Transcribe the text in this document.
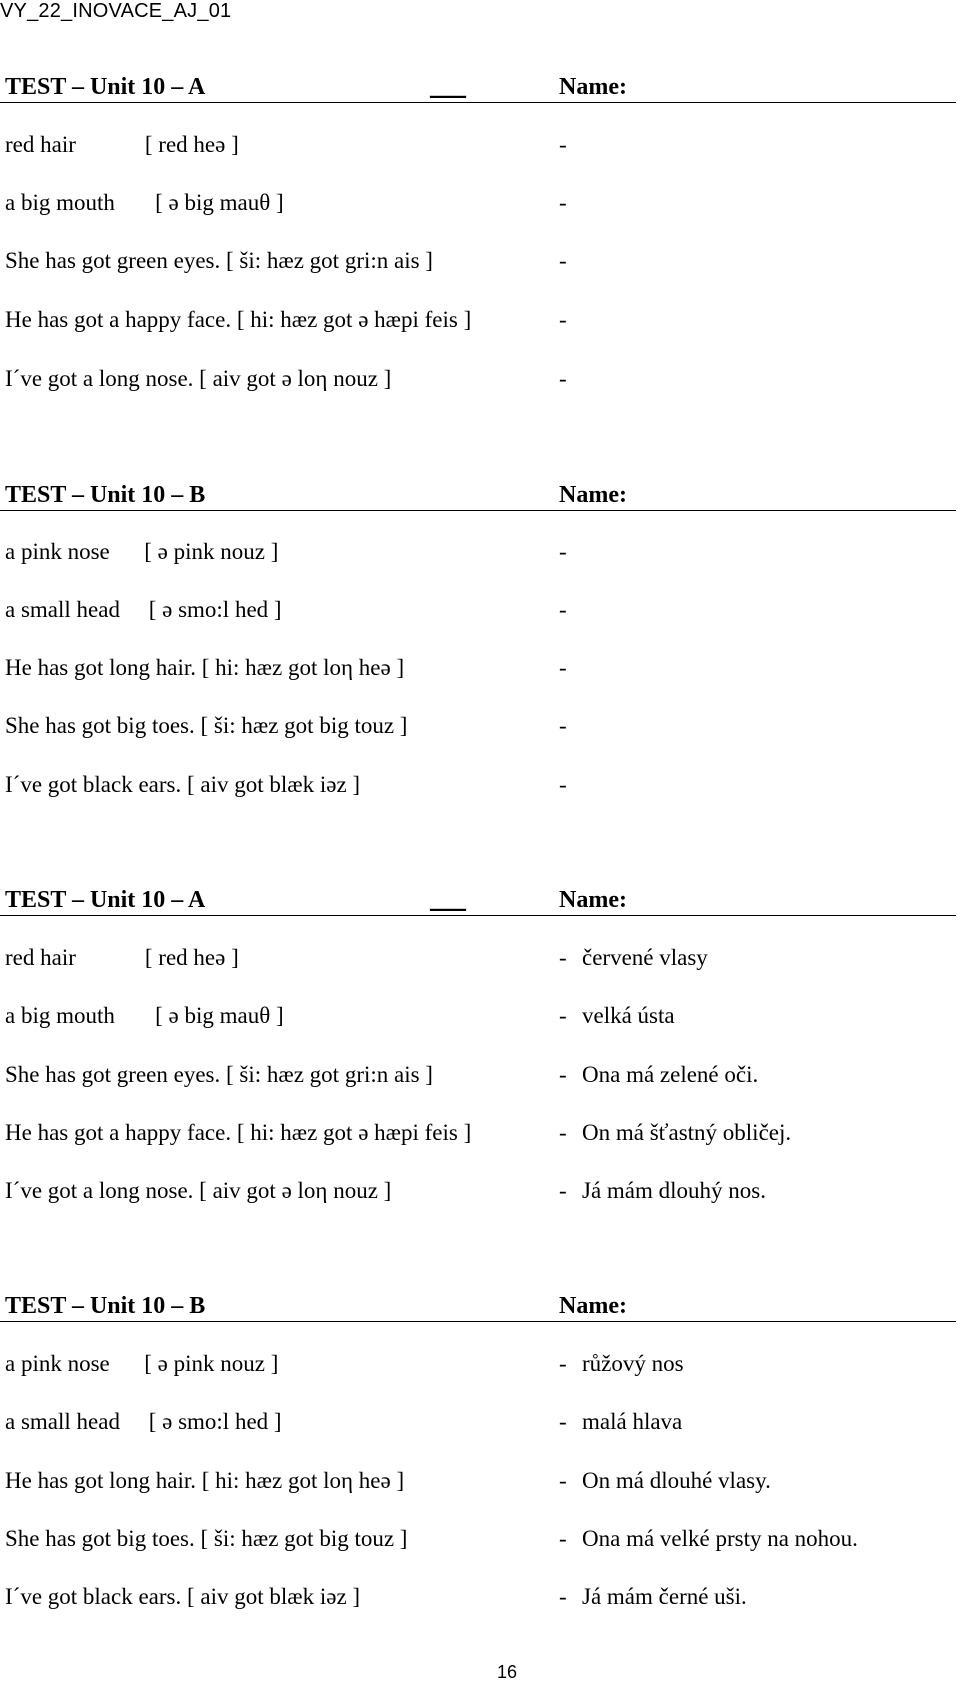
VY_22_INOVACE_AJ_01
TEST – Unit 10 – A	___	Name:
red hair            [ red heə ]	-
a big mouth       [ ə big mauθ ]	-
She has got green eyes. [ ši: hæz got gri:n ais ]	-
He has got a happy face. [ hi: hæz got ə hæpi feis ]	-
I´ve got a long nose. [ aiv got ə loη nouz ]	-
TEST – Unit 10 – B	Name:
a pink nose      [ ə pink nouz ]	-
a small head     [ ə smo:l hed ]	-
He has got long hair. [ hi: hæz got loη heə ]	-
She has got big toes. [ ši: hæz got big touz ]	-
I´ve got black ears. [ aiv got blæk iəz ]	-
TEST – Unit 10 – A	___	Name:
red hair            [ red heə ]	- červené vlasy
a big mouth       [ ə big mauθ ]	- velká ústa
She has got green eyes. [ ši: hæz got gri:n ais ]	- Ona má zelené oči.
He has got a happy face. [ hi: hæz got ə hæpi feis ]	- On má šťastný obličej.
I´ve got a long nose. [ aiv got ə loη nouz ]	- Já mám dlouhý nos.
TEST – Unit 10 – B	Name:
a pink nose      [ ə pink nouz ]	- růžový nos
a small head     [ ə smo:l hed ]	- malá hlava
He has got long hair. [ hi: hæz got loη heə ]	- On má dlouhé vlasy.
She has got big toes. [ ši: hæz got big touz ]	- Ona má velké prsty na nohou.
I´ve got black ears. [ aiv got blæk iəz ]	- Já mám černé uši.
16
